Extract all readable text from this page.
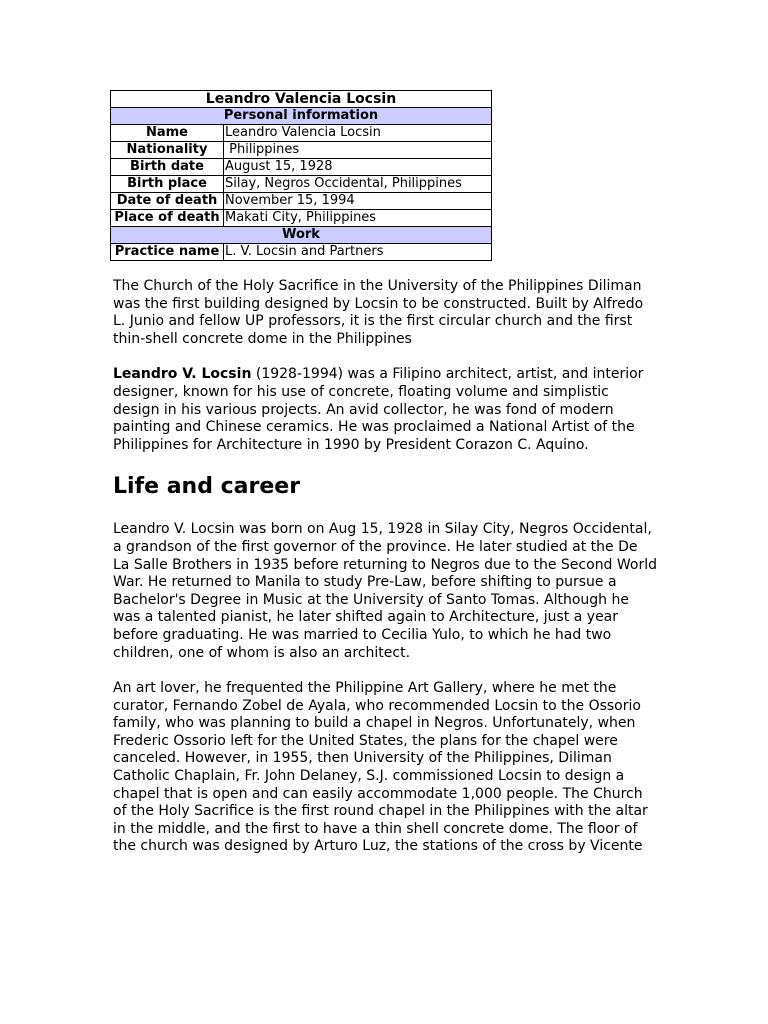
Leandro Valencia Locsin	
Personal information	
Name	Leandro Valencia Locsin
Nationality	Philippines
Birth date	August 15, 1928
Birth place	Silay, Negros Occidental, Philippines
Date of death	November 15, 1994
Place of death	Makati City, Philippines
Work	
Practice name	L. V. Locsin and Partners

The Church of the Holy Sacrifice in the University of the Philippines Diliman was the first building designed by Locsin to be constructed. Built by Alfredo L. Junio and fellow UP professors, it is the first circular church and the first thin-shell concrete dome in the Philippines

Leandro V. Locsin (1928-1994) was a Filipino architect, artist, and interior designer, known for his use of concrete, floating volume and simplistic design in his various projects. An avid collector, he was fond of modern painting and Chinese ceramics. He was proclaimed a National Artist of the Philippines for Architecture in 1990 by President Corazon C. Aquino.

Life and career

Leandro V. Locsin was born on Aug 15, 1928 in Silay City, Negros Occidental, a grandson of the first governor of the province. He later studied at the De La Salle Brothers in 1935 before returning to Negros due to the Second World War. He returned to Manila to study Pre-Law, before shifting to pursue a Bachelor's Degree in Music at the University of Santo Tomas. Although he was a talented pianist, he later shifted again to Architecture, just a year before graduating. He was married to Cecilia Yulo, to which he had two children, one of whom is also an architect.

An art lover, he frequented the Philippine Art Gallery, where he met the curator, Fernando Zobel de Ayala, who recommended Locsin to the Ossorio family, who was planning to build a chapel in Negros. Unfortunately, when Frederic Ossorio left for the United States, the plans for the chapel were canceled. However, in 1955, then University of the Philippines, Diliman Catholic Chaplain, Fr. John Delaney, S.J. commissioned Locsin to design a chapel that is open and can easily accommodate 1,000 people. The Church of the Holy Sacrifice is the first round chapel in the Philippines with the altar in the middle, and the first to have a thin shell concrete dome. The floor of the church was designed by Arturo Luz, the stations of the cross by Vicente
